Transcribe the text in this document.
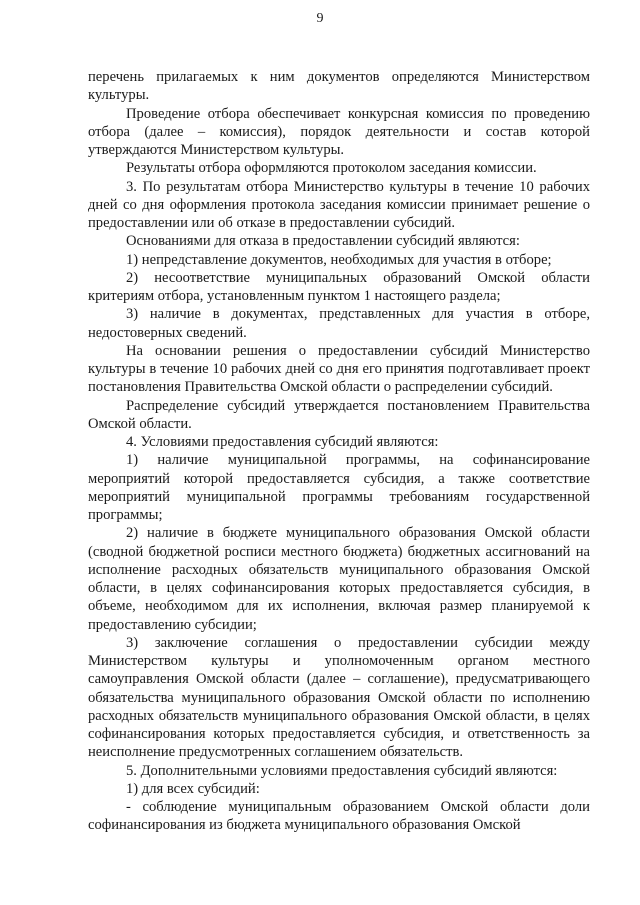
9

перечень прилагаемых к ним документов определяются Министерством культуры.

Проведение отбора обеспечивает конкурсная комиссия по проведению отбора (далее – комиссия), порядок деятельности и состав которой утверждаются Министерством культуры.

Результаты отбора оформляются протоколом заседания комиссии.

3. По результатам отбора Министерство культуры в течение 10 рабочих дней со дня оформления протокола заседания комиссии принимает решение о предоставлении или об отказе в предоставлении субсидий.

Основаниями для отказа в предоставлении субсидий являются:

1) непредставление документов, необходимых для участия в отборе;

2) несоответствие муниципальных образований Омской области критериям отбора, установленным пунктом 1 настоящего раздела;

3) наличие в документах, представленных для участия в отборе, недостоверных сведений.

На основании решения о предоставлении субсидий Министерство культуры в течение 10 рабочих дней со дня его принятия подготавливает проект постановления Правительства Омской области о распределении субсидий.

Распределение субсидий утверждается постановлением Правительства Омской области.

4. Условиями предоставления субсидий являются:

1) наличие муниципальной программы, на софинансирование мероприятий которой предоставляется субсидия, а также соответствие мероприятий муниципальной программы требованиям государственной программы;

2) наличие в бюджете муниципального образования Омской области (сводной бюджетной росписи местного бюджета) бюджетных ассигнований на исполнение расходных обязательств муниципального образования Омской области, в целях софинансирования которых предоставляется субсидия, в объеме, необходимом для их исполнения, включая размер планируемой к предоставлению субсидии;

3) заключение соглашения о предоставлении субсидии между Министерством культуры и уполномоченным органом местного самоуправления Омской области (далее – соглашение), предусматривающего обязательства муниципального образования Омской области по исполнению расходных обязательств муниципального образования Омской области, в целях софинансирования которых предоставляется субсидия, и ответственность за неисполнение предусмотренных соглашением обязательств.

5. Дополнительными условиями предоставления субсидий являются:

1) для всех субсидий:

- соблюдение муниципальным образованием Омской области доли софинансирования из бюджета муниципального образования Омской
